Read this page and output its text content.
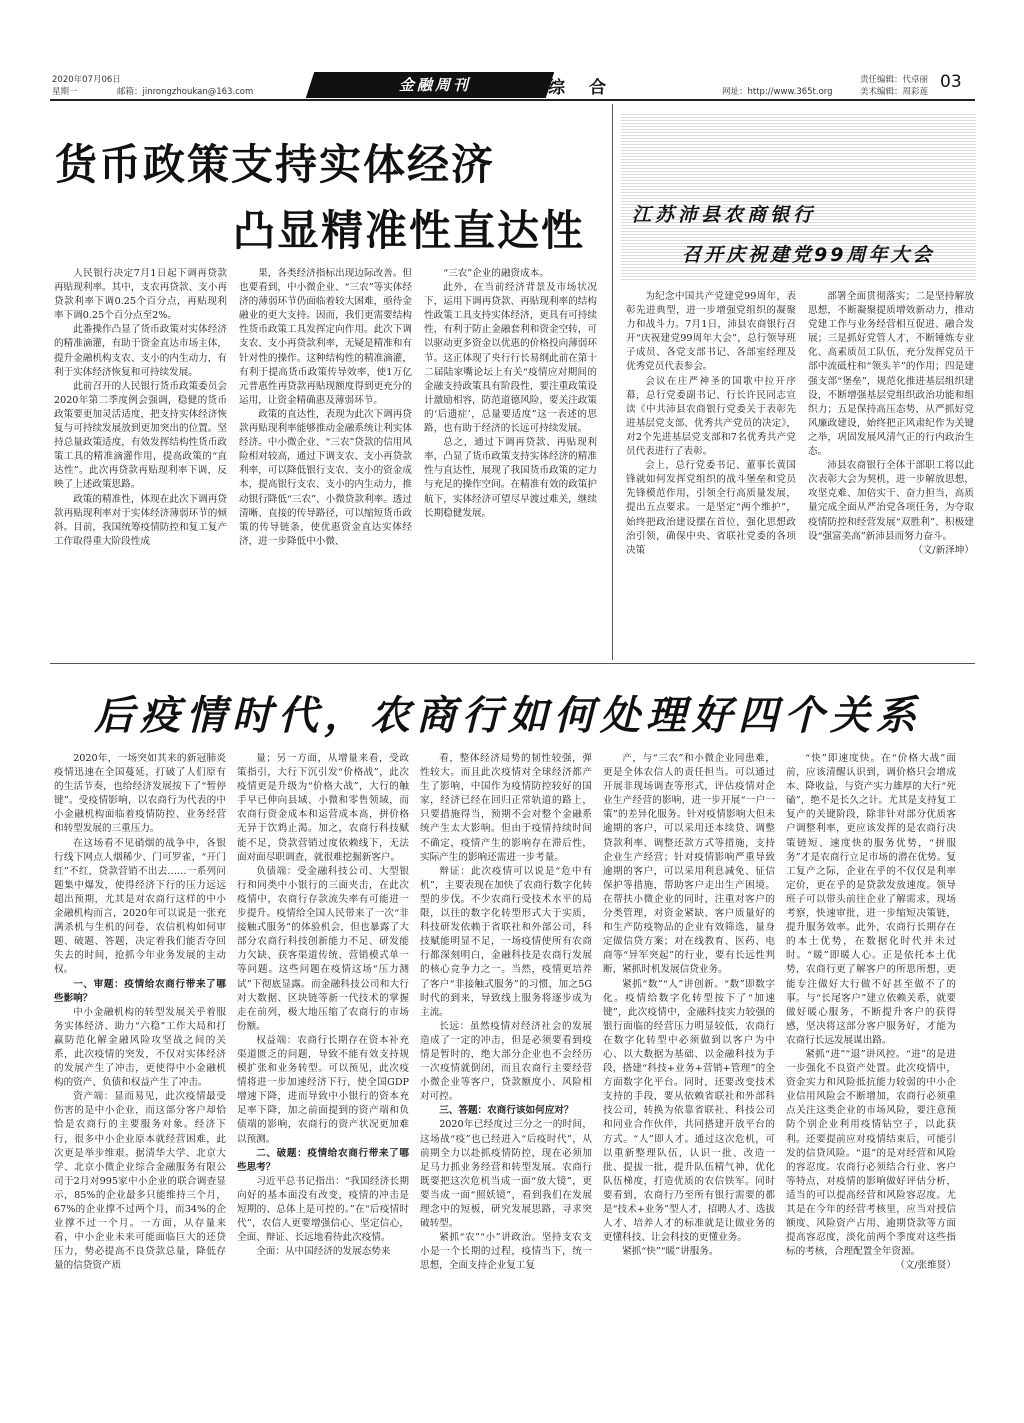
2020年07月06日
星期一	邮箱：jinrongzhoukan@163.com	金融周刊	综合	网址：http://www.365t.org
责任编辑：代卓丽
美术编辑：周彩莲 03
货币政策支持实体经济
凸显精准性直达性

人民银行决定7月1日起下调再贷款再贴现利率。其中，支农再贷款、支小再贷款利率下调0.25个百分点，再贴现利率下调0.25个百分点至2%。

此番操作凸显了货币政策对实体经济的精准滴灌，有助于资金直达市场主体，提升金融机构支农、支小的内生动力，有利于实体经济恢复和可持续发展。

此前召开的人民银行货币政策委员会2020年第二季度例会强调，稳健的货币政策要更加灵活适度，把支持实体经济恢复与可持续发展放到更加突出的位置。坚持总量政策适度，有效发挥结构性货币政策工具的精准滴灌作用，提高政策的“直达性”。此次再贷款再贴现利率下调，反映了上述政策思路。

政策的精准性，体现在此次下调再贷款再贴现利率对于实体经济薄弱环节的倾斜。目前，我国统筹疫情防控和复工复产工作取得重大阶段性成

果，各类经济指标出现边际改善。但也要看到，中小微企业、“三农”等实体经济的薄弱环节仍面临着较大困难，亟待金融业的更大支持。因而，我们更需要结构性货币政策工具发挥定向作用。此次下调支农、支小再贷款利率，无疑是精准和有针对性的操作。这种结构性的精准滴灌，有利于提高货币政策传导效率，使1万亿元普惠性再贷款再贴现额度得到更充分的运用，让资金精确惠及薄弱环节。

政策的直达性，表现为此次下调再贷款再贴现利率能够推动金融系统让利实体经济。中小微企业、“三农”贷款的信用风险相对较高，通过下调支农、支小再贷款利率，可以降低银行支农、支小的资金成本，提高银行支农、支小的内生动力，推动银行降低“三农”、小微贷款利率。透过清晰、直接的传导路径，可以缩短货币政策的传导链条，使优惠资金直达实体经济，进一步降低中小微、

“三农”企业的融资成本。

此外，在当前经济背景及市场状况下，运用下调再贷款、再贴现利率的结构性政策工具支持实体经济，更具有可持续性，有利于防止金融套利和资金空转，可以驱动更多资金以优惠的价格投向薄弱环节。这正体现了央行行长易纲此前在第十二届陆家嘴论坛上有关“疫情应对期间的金融支持政策具有阶段性，要注重政策设计激励相容，防范道德风险，要关注政策的‘后遗症’，总量要适度”这一表述的思路，也有助于经济的长远可持续发展。

总之，通过下调再贷款、再贴现利率，凸显了货币政策支持实体经济的精准性与直达性，展现了我国货币政策的定力与充足的操作空间。在精准有效的政策护航下，实体经济可望尽早渡过难关，继续长期稳健发展。

江苏沛县农商银行
召开庆祝建党99周年大会

为纪念中国共产党建党99周年，表彰先进典型，进一步增强党组织的凝聚力和战斗力。7月1日，沛县农商银行召开“庆祝建党99周年大会”，总行领导班子成员、各党支部书记、各部室经理及优秀党员代表参会。

会议在庄严神圣的国歌中拉开序幕，总行党委副书记、行长许民同志宣读《中共沛县农商银行党委关于表彰先进基层党支部、优秀共产党员的决定》，对2个先进基层党支部和7名优秀共产党员代表进行了表彰。

会上，总行党委书记、董事长黄国锋就如何发挥党组织的战斗堡垒和党员先锋模范作用，引领全行高质量发展，提出五点要求。一是坚定“两个维护”，始终把政治建设摆在首位，强化思想政治引领，确保中央、省联社党委的各项决策

部署全面贯彻落实；二是坚持解放思想，不断凝聚提质增效新动力，推动党建工作与业务经营相互促进、融合发展；三是抓好党管人才，不断锤炼专业化、高素质员工队伍，充分发挥党员干部中流砥柱和“领头羊”的作用；四是建强支部“堡垒”，规范化推进基层组织建设，不断增强基层党组织政治功能和组织力；五是保持高压态势，从严抓好党风廉政建设，始终把正风肃纪作为关键之举，巩固发展风清气正的行内政治生态。

沛县农商银行全体干部职工将以此次表彰大会为契机，进一步解放思想，攻坚克难、加倍实干、奋力担当，高质量完成全面从严治党各项任务，为夺取疫情防控和经营发展“双胜利”、积极建设“强富美高”新沛县而努力奋斗。

（文/新泽坤）

后疫情时代，农商行如何处理好四个关系

2020年，一场突如其来的新冠肺炎疫情迅速在全国蔓延，打破了人们原有的生活节奏，也给经济发展按下了“暂停键”。受疫情影响，以农商行为代表的中小金融机构面临着疫情防控、业务经营和转型发展的三重压力。

在这场看不见硝烟的战争中，各银行线下网点人烟稀少、门可罗雀，“开门红”不红，贷款营销不出去……一系列问题集中爆发，使得经济下行的压力远远超出预期，尤其是对农商行这样的中小金融机构而言，2020年可以说是一张充满杀机与生机的问卷，农信机构如何审题、破题、答题，决定着我们能否夺回失去的时间，抢抓今年业务发展的主动权。

一、审题：疫情给农商行带来了哪些影响？

中小金融机构的转型发展关乎着服务实体经济、助力“六稳”工作大局和打赢防范化解金融风险攻坚战之间的关系，此次疫情的突发，不仅对实体经济的发展产生了冲击，更使得中小金融机构的资产、负债和权益产生了冲击。

资产端：显而易见，此次疫情最受伤害的是中小企业，而这部分客户却恰恰是农商行的主要服务对象。经济下行，很多中小企业原本就经营困难，此次更是举步维艰。据清华大学、北京大学、北京小微企业综合金融服务有限公司于2月对995家中小企业的联合调查显示，85%的企业最多只能维持三个月，67%的企业撑不过两个月，而34%的企业撑不过一个月。一方面，从存量来看，中小企业未来可能面临巨大的还贷压力，势必提高不良贷款总量，降低存量的信贷资产质

量；另一方面，从增量来看，受政策指引，大行下沉引发“价格战”，此次疫情更是升级为“价格大战”，大行的触手早已伸向县域、小微和零售领域，而农商行资金成本和运营成本高，拼价格无异于饮鸩止渴。加之，农商行科技赋能不足，贷款营销过度依赖线下，无法面对面尽职调查，就很难挖掘新客户。

负债端：受金融科技公司、大型银行和同类中小银行的三面夹击，在此次疫情中，农商行存款流失率有可能进一步提升。疫情给全国人民带来了一次“非接触式服务”的体验机会，但也暴露了大部分农商行科技创新能力不足、研发能力欠缺、获客渠道传统、营销模式单一等问题。这些问题在疫情这场“压力测试”下彻底显露。而金融科技公司和大行对大数据、区块链等新一代技术的掌握走在前列，极大地压缩了农商行的市场份额。

权益端：农商行长期存在资本补充渠道匮乏的问题，导致不能有效支持规模扩张和业务转型。可以预见，此次疫情将进一步加速经济下行，使全国GDP增速下降，进而导致中小银行的资本充足率下降，加之前面提到的资产端和负债端的影响，农商行的资产状况更加难以预测。

二、破题：疫情给农商行带来了哪些思考？

习近平总书记指出：“我国经济长期向好的基本面没有改变，疫情的冲击是短期的、总体上是可控的。”在“后疫情时代”，农信人更要增强信心、坚定信心，全面、辩证、长远地看待此次疫情。

全面：从中国经济的发展态势来

看，整体经济局势的韧性较强，弹性较大。而且此次疫情对全球经济都产生了影响，中国作为疫情防控较好的国家，经济已经在回归正常轨道的路上，只要措施得当，预期不会对整个金融系统产生太大影响。但由于疫情持续时间不确定，疫情产生的影响存在滞后性，实际产生的影响还需进一步考量。

辩证：此次疫情可以说是“危中有机”，主要表现在加快了农商行数字化转型的步伐。不少农商行受技术水平的局限，以往的数字化转型形式大于实质，科技研发依赖于省联社和外部公司，科技赋能明显不足，一场疫情使所有农商行都深刻明白，金融科技是农商行发展的核心竞争力之一。当然，疫情更培养了客户“非接触式服务”的习惯，加之5G时代的到来，导致线上服务将逐步成为主流。

长远：虽然疫情对经济社会的发展造成了一定的冲击，但是必须要看到疫情是暂时的，绝大部分企业也不会经历一次疫情就倒闭，而且农商行主要经营小微企业等客户，贷款额度小、风险相对可控。

三、答题：农商行该如何应对？

2020年已经度过三分之一的时间，这场战“疫”也已经进入“后疫时代”，从前期全力以赴抓疫情防控，现在必须加足马力抓业务经营和转型发展。农商行既要把这次危机当成一面“放大镜”，更要当成一面“照妖镜”，看到我们在发展理念中的短板，研究发展思路，寻求突破转型。

紧抓“农”“小”讲政治。坚持支农支小是一个长期的过程，疫情当下，统一思想，全面支持企业复工复

产，与“三农”和小微企业同患难，更是全体农信人的责任担当。可以通过开展非现场调查等形式，评估疫情对企业生产经营的影响，进一步开展“一户一策”的差异化服务。针对疫情影响大但未逾期的客户，可以采用还本续贷、调整贷款利率、调整还款方式等措施，支持企业生产经营；针对疫情影响严重导致逾期的客户，可以采用利息减免、征信保护等措施，帮助客户走出生产困境。在帮扶小微企业的同时，注重对客户的分类管理，对资金紧缺、客户质量好的和生产防疫物品的企业有效筛选，量身定做信贷方案；对在线教育、医药、电商等“异军突起”的行业，要有长远性判断，紧抓时机发展信贷业务。

紧抓“数”“人”讲创新。“数”即数字化。疫情给数字化转型按下了“加速键”，此次疫情中，金融科技实力较强的银行面临的经营压力明显较低，农商行在数字化转型中必须做到以客户为中心、以大数据为基础、以金融科技为手段，搭建“科技+业务+营销+管理”的全方面数字化平台。同时，还要改变技术支持的手段，要从依赖省联社和外部科技公司，转换为依靠省联社、科技公司和同业合作伙伴，共同搭建开放平台的方式。“人”即人才。通过这次危机，可以重新整理队伍，认识一批、改造一批、提拔一批，提升队伍精气神，优化队伍梯度，打造优质的农信铁军。同时要看到，农商行乃至所有银行需要的都是“技术+业务”型人才，招聘人才、选拔人才、培养人才的标准就是让做业务的更懂科技、让会科技的更懂业务。

紧抓“快”“暖”讲服务。

“快”即速度快。在“价格大战”面前，应该清醒认识到，调价格只会增成本、降收益，与资产实力雄厚的大行“死磕”，绝不是长久之计。尤其是支持复工复产的关键阶段，除非针对部分优质客户调整利率，更应该发挥的是农商行决策链短、速度快的服务优势，“拼服务”才是农商行立足市场的潜在优势。复工复产之际，企业在乎的不仅仅是利率定价，更在乎的是贷款发放速度。领导班子可以带头前往企业了解需求，现场考察，快速审批，进一步缩短决策链，提升服务效率。此外，农商行长期存在的本土优势，在数据化时代并未过时。“暖”即暖人心。正是依托本土优势，农商行更了解客户的所思所想，更能专注做好大行做不好甚至做不了的事。与“长尾客户”建立依赖关系，就要做好暖心服务，不断提升客户的获得感，坚决将这部分客户服务好，才能为农商行长远发展谋出路。

紧抓“进”“退”讲风控。“进”的是进一步强化不良资产处置。此次疫情中，资金实力和风险抵抗能力较弱的中小企业信用风险会不断增加，农商行必须重点关注这类企业的市场风险，要注意预防个别企业利用疫情钻空子，以此获利。还要提前应对疫情结束后，可能引发的信贷风险。“退”的是对经营和风险的容忍度。农商行必须结合行业、客户等特点，对疫情的影响做好评估分析，适当的可以提高经营和风险容忍度。尤其是在今年的经营考核里，应当对授信额度、风险资产占用、逾期贷款等方面提高容忍度，淡化前两个季度对这些指标的考核，合理配置全年资源。

（文/张维贤）
